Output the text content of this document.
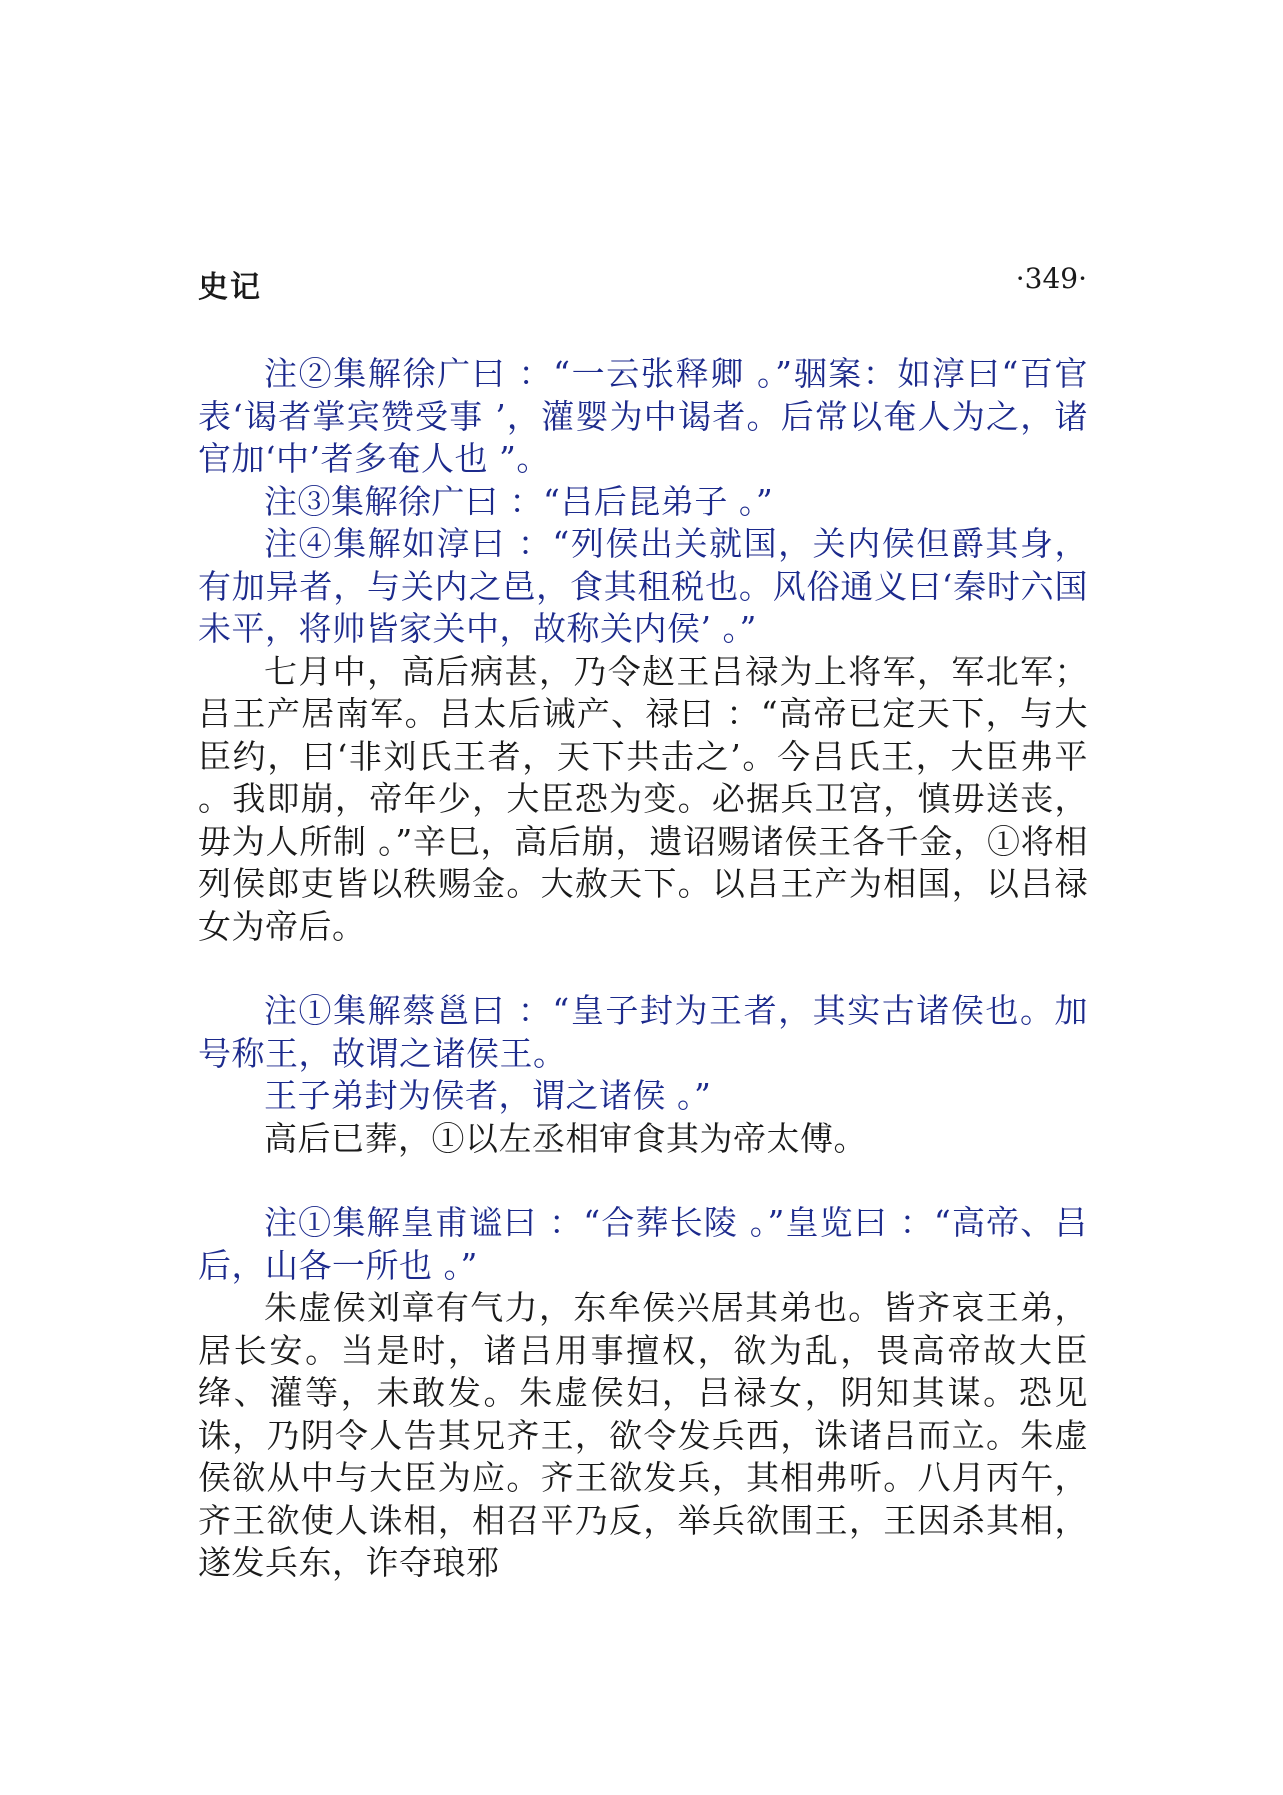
史记	·349·

注②集解徐广曰 ：“一云张释卿 。”骃案：如淳曰“百官表‘谒者掌宾赞受事 ’，灌婴为中谒者。后常以奄人为之，诸官加‘中’者多奄人也 ”。

注③集解徐广曰 ：“吕后昆弟子 。”

注④集解如淳曰 ：“列侯出关就国，关内侯但爵其身，有加异者，与关内之邑，食其租税也。风俗通义曰‘秦时六国未平，将帅皆家关中，故称关内侯’ 。”

七月中，高后病甚，乃令赵王吕禄为上将军，军北军；吕王产居南军。吕太后诫产、禄曰 ：“高帝已定天下，与大臣约，曰‘非刘氏王者，天下共击之’。今吕氏王，大臣弗平 。我即崩，帝年少，大臣恐为变。必据兵卫宫，慎毋送丧，毋为人所制 。”辛巳，高后崩，遗诏赐诸侯王各千金，①将相列侯郎吏皆以秩赐金。大赦天下。以吕王产为相国，以吕禄女为帝后。

注①集解蔡邕曰 ：“皇子封为王者，其实古诸侯也。加号称王，故谓之诸侯王。

王子弟封为侯者，谓之诸侯 。”

高后已葬，①以左丞相审食其为帝太傅。

注①集解皇甫谧曰 ：“合葬长陵 。”皇览曰 ：“高帝、吕后，山各一所也 。”

朱虚侯刘章有气力，东牟侯兴居其弟也。皆齐哀王弟，居长安。当是时，诸吕用事擅权，欲为乱，畏高帝故大臣绛、灌等，未敢发。朱虚侯妇，吕禄女，阴知其谋。恐见诛，乃阴令人告其兄齐王，欲令发兵西，诛诸吕而立。朱虚侯欲从中与大臣为应。齐王欲发兵，其相弗听。八月丙午，齐王欲使人诛相，相召平乃反，举兵欲围王，王因杀其相，遂发兵东，诈夺琅邪
